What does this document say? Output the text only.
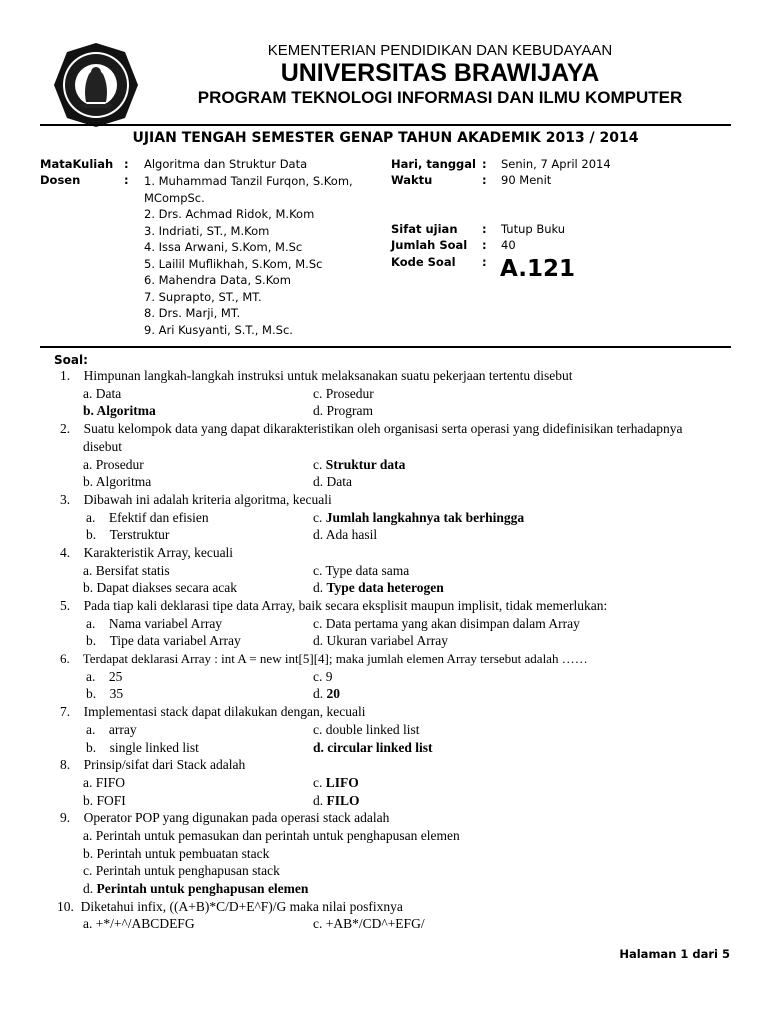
KEMENTERIAN PENDIDIKAN DAN KEBUDAYAAN
UNIVERSITAS BRAWIJAYA
PROGRAM TEKNOLOGI INFORMASI DAN ILMU KOMPUTER
UJIAN TENGAH SEMESTER GENAP TAHUN AKADEMIK 2013 / 2014
MataKuliah : Algoritma dan Struktur Data
Dosen	: 1. Muhammad Tanzil Furqon, S.Kom,
MCompSc.
2. Drs. Achmad Ridok, M.Kom
3. Indriati, ST., M.Kom
4. Issa Arwani, S.Kom, M.Sc
5. Lailil Muflikhah, S.Kom, M.Sc
6. Mahendra Data, S.Kom
7. Suprapto, ST., MT.
8. Drs. Marji, MT.
9. Ari Kusyanti, S.T., M.Sc.
Hari, tanggal : Senin, 7 April 2014
Waktu	: 90 Menit
Sifat ujian : Tutup Buku
Jumlah Soal : 40
Kode Soal : A.121
Soal:
1. Himpunan langkah-langkah instruksi untuk melaksanakan suatu pekerjaan tertentu disebut
a. Data	c. Prosedur
b. Algoritma	d. Program
2. Suatu kelompok data yang dapat dikarakteristikan oleh organisasi serta operasi yang didefinisikan terhadapnya
disebut
a. Prosedur	c. Struktur data
b. Algoritma	d. Data
3. Dibawah ini adalah kriteria algoritma, kecuali
a. Efektif dan efisien	c. Jumlah langkahnya tak berhingga
b. Terstruktur	d. Ada hasil
4. Karakteristik Array, kecuali
a. Bersifat statis	c. Type data sama
b. Dapat diakses secara acak	d. Type data heterogen
5. Pada tiap kali deklarasi tipe data Array, baik secara eksplisit maupun implisit, tidak memerlukan:
a. Nama variabel Array	c. Data pertama yang akan disimpan dalam Array
b. Tipe data variabel Array	d. Ukuran variabel Array
6. Terdapat deklarasi Array : int A = new int[5][4]; maka jumlah elemen Array tersebut adalah ……
a. 25	c. 9
b. 35	d. 20
7. Implementasi stack dapat dilakukan dengan, kecuali
a. array	c. double linked list
b. single linked list	d. circular linked list
8. Prinsip/sifat dari Stack adalah
a. FIFO	c. LIFO
b. FOFI	d. FILO
9. Operator POP yang digunakan pada operasi stack adalah
a. Perintah untuk pemasukan dan perintah untuk penghapusan elemen
b. Perintah untuk pembuatan stack
c. Perintah untuk penghapusan stack
d. Perintah untuk penghapusan elemen
10. Diketahui infix, ((A+B)*C/D+E^F)/G maka nilai posfixnya
a. +*/+^/ABCDEFG	c. +AB*/CD^+EFG/
Halaman 1 dari 5
